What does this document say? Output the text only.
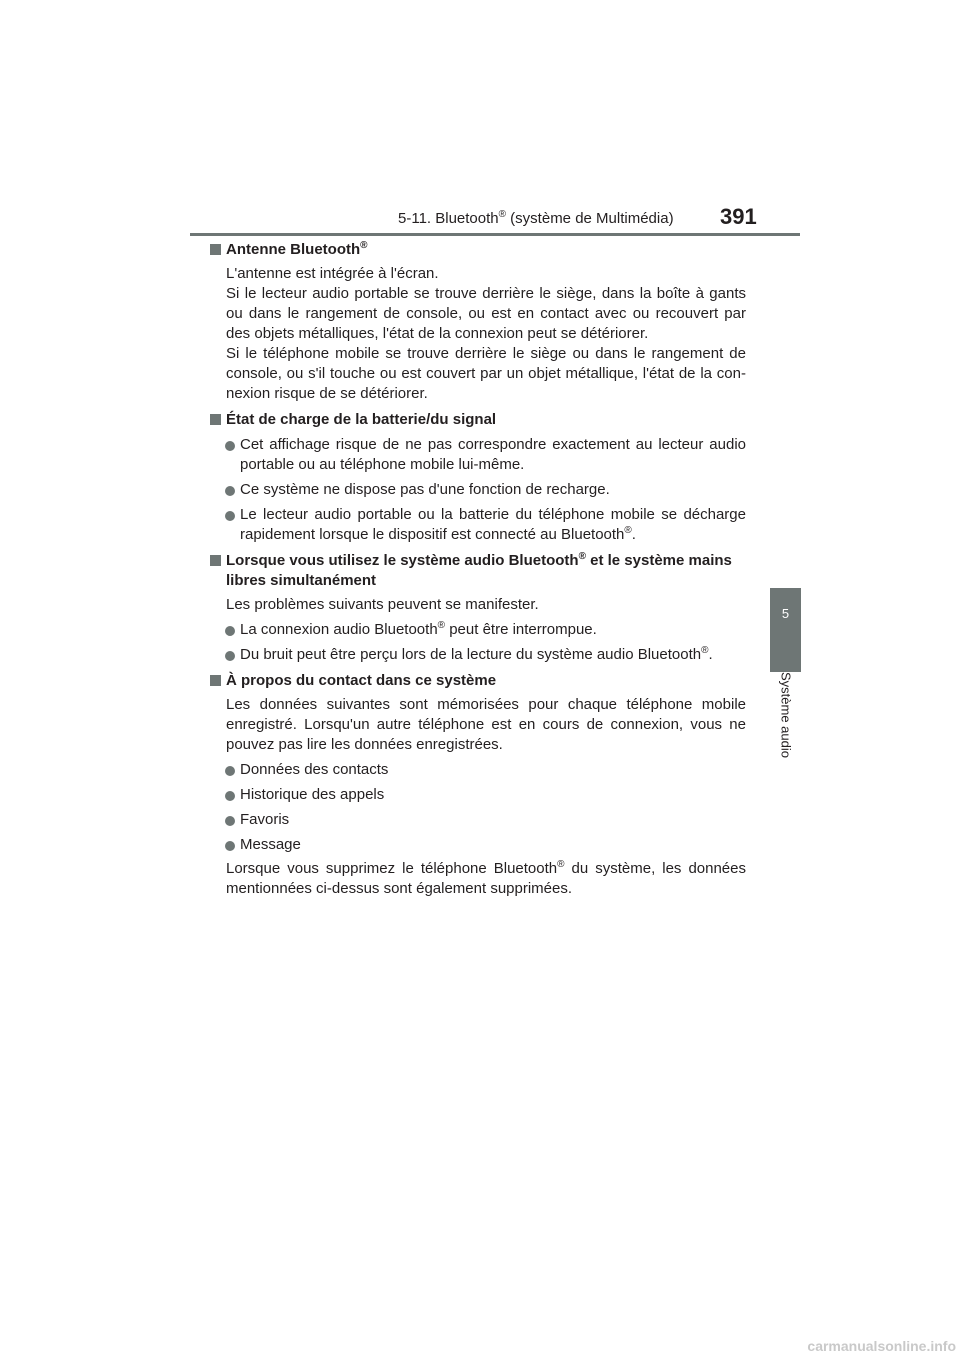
5-11. Bluetooth® (système de Multimédia) 391
5
Système audio
Antenne Bluetooth®
L'antenne est intégrée à l'écran.
Si le lecteur audio portable se trouve derrière le siège, dans la boîte à gants ou dans le rangement de console, ou est en contact avec ou recouvert par des objets métalliques, l'état de la connexion peut se détériorer.
Si le téléphone mobile se trouve derrière le siège ou dans le rangement de console, ou s'il touche ou est couvert par un objet métallique, l'état de la con-nexion risque de se détériorer.
État de charge de la batterie/du signal
Cet affichage risque de ne pas correspondre exactement au lecteur audio portable ou au téléphone mobile lui-même.
Ce système ne dispose pas d'une fonction de recharge.
Le lecteur audio portable ou la batterie du téléphone mobile se décharge rapidement lorsque le dispositif est connecté au Bluetooth®.
Lorsque vous utilisez le système audio Bluetooth® et le système mains libres simultanément
Les problèmes suivants peuvent se manifester.
La connexion audio Bluetooth® peut être interrompue.
Du bruit peut être perçu lors de la lecture du système audio Bluetooth®.
À propos du contact dans ce système
Les données suivantes sont mémorisées pour chaque téléphone mobile enregistré. Lorsqu'un autre téléphone est en cours de connexion, vous ne pouvez pas lire les données enregistrées.
Données des contacts
Historique des appels
Favoris
Message
Lorsque vous supprimez le téléphone Bluetooth® du système, les données mentionnées ci-dessus sont également supprimées.
carmanualsonline.info
